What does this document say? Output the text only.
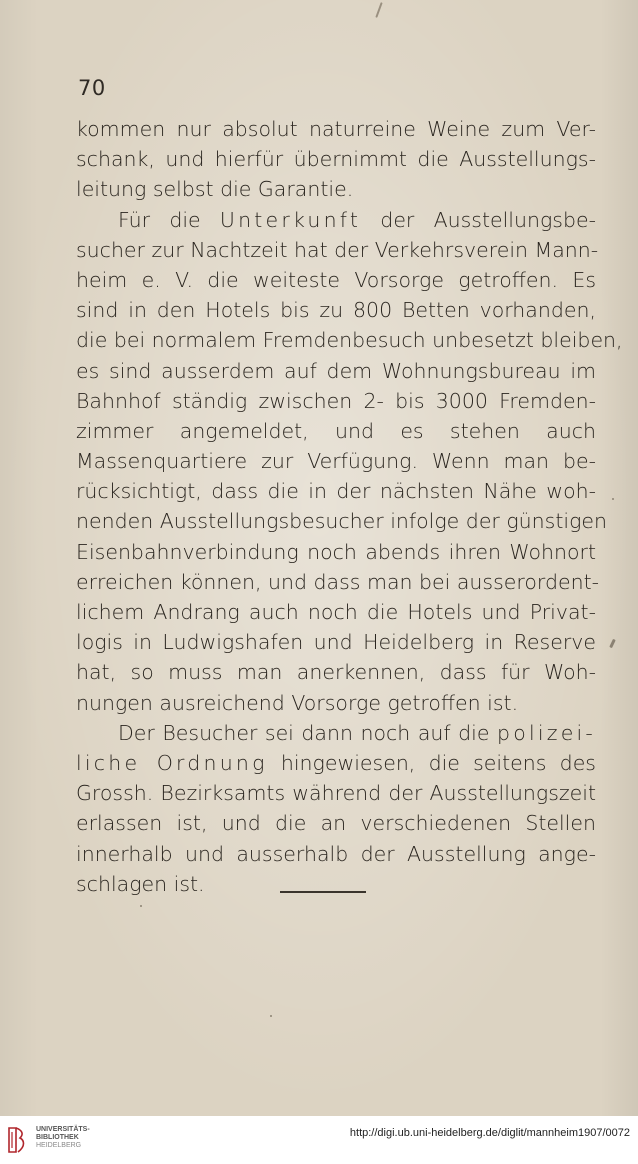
70
kommen nur absolut naturreine Weine zum Ver-
schank, und hierfür übernimmt die Ausstellungs-
leitung selbst die Garantie.
Für die Unterkunft der Ausstellungsbe-
sucher zur Nachtzeit hat der Verkehrsverein Mann-
heim e. V. die weiteste Vorsorge getroffen. Es
sind in den Hotels bis zu 800 Betten vorhanden,
die bei normalem Fremdenbesuch unbesetzt bleiben,
es sind ausserdem auf dem Wohnungsbureau im
Bahnhof ständig zwischen 2- bis 3000 Fremden-
zimmer angemeldet, und es stehen auch
Massenquartiere zur Verfügung. Wenn man be-
rücksichtigt, dass die in der nächsten Nähe woh-
nenden Ausstellungsbesucher infolge der günstigen
Eisenbahnverbindung noch abends ihren Wohnort
erreichen können, und dass man bei ausserordent-
lichem Andrang auch noch die Hotels und Privat-
logis in Ludwigshafen und Heidelberg in Reserve
hat, so muss man anerkennen, dass für Woh-
nungen ausreichend Vorsorge getroffen ist.
Der Besucher sei dann noch auf die polizei-
liche Ordnung hingewiesen, die seitens des
Grossh. Bezirksamts während der Ausstellungszeit
erlassen ist, und die an verschiedenen Stellen
innerhalb und ausserhalb der Ausstellung ange-
schlagen ist.
UNIVERSITÄTS-
BIBLIOTHEK
HEIDELBERG
http://digi.ub.uni-heidelberg.de/diglit/mannheim1907/0072
